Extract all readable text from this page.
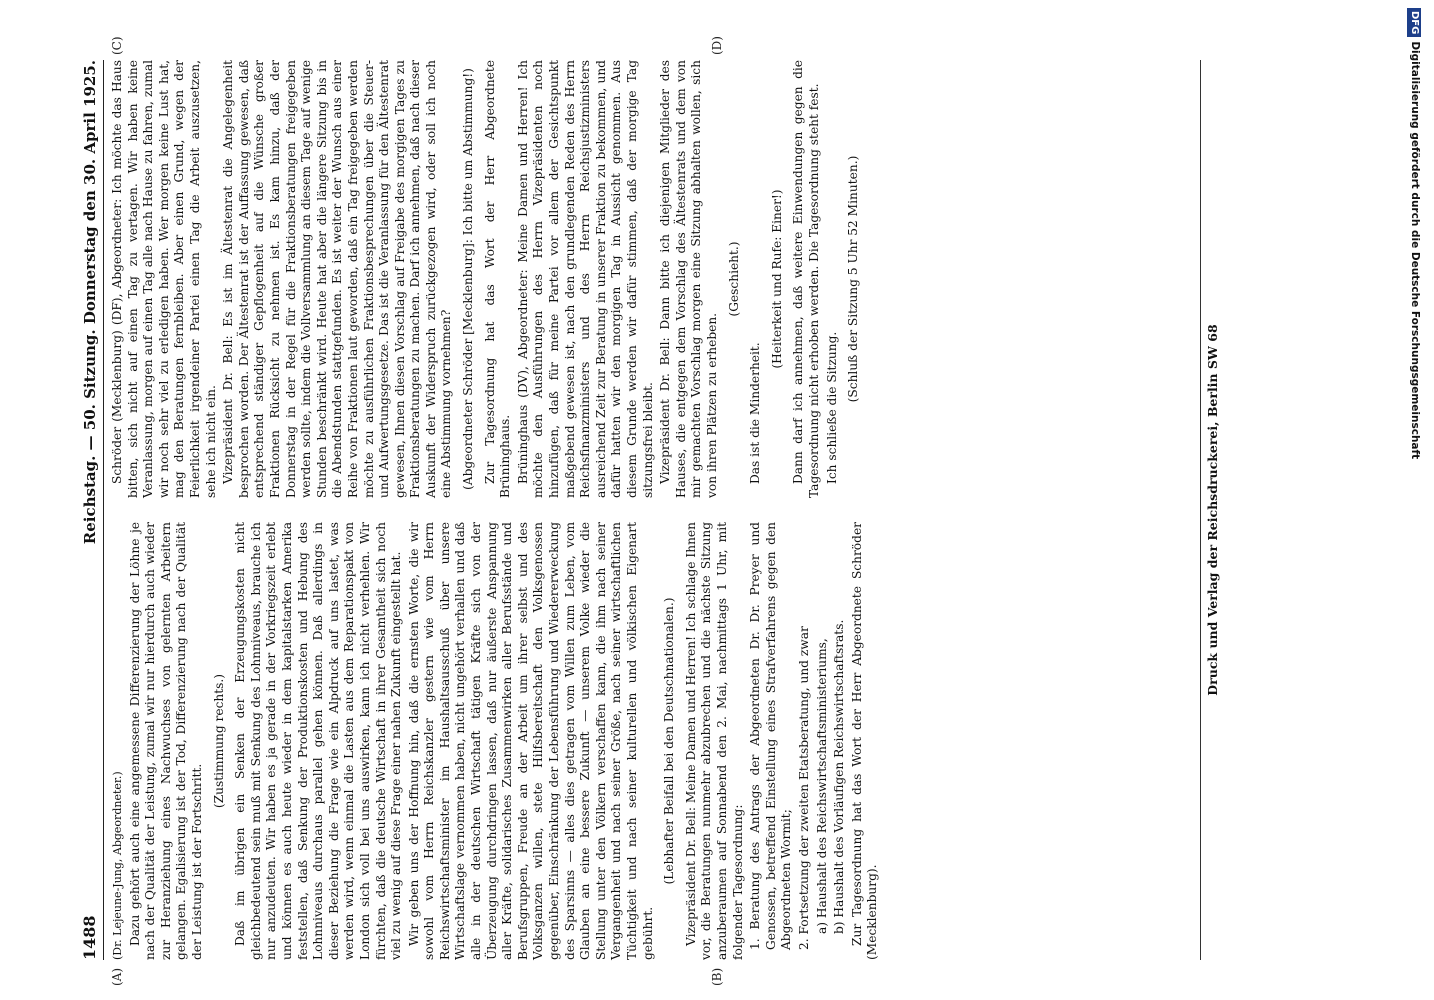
1488
Reichstag. — 50. Sitzung. Donnerstag den 30. April 1925.

(Dr. Lejeune-Jung, Abgeordneter.) Dazu gehört auch eine angemessene Differenzierung der Löhne je nach der Qualität der Leistung, zumal wir nur hierdurch auch wieder zur Heranziehung eines Nachwuchses von gelernten Arbeitern gelangen. Egalisierung ist der Tod, Differenzierung nach der Qualität der Leistung ist der Fortschritt.

(Zustimmung rechts.) Daß im übrigen ein Senken der Erzeugungskosten nicht gleichbedeutend sein muß mit Senkung des Lohnniveaus, brauche ich nur anzudeuten. Wir haben es ja gerade in der Vorkriegszeit erlebt und können es auch heute wieder in dem kapitalstarken Amerika feststellen, daß Senkung der Produktionskosten und Hebung des Lohnniveaus durchaus parallel gehen können. Daß allerdings in dieser Beziehung die Frage wie ein Alpdruck auf uns lastet, was werden wird, wenn einmal die Lasten aus dem Reparationspakt von London sich voll bei uns auswirken, kann ich nicht verhehlen. Wir fürchten, daß die deutsche Wirtschaft in ihrer Gesamtheit sich noch viel zu wenig auf diese Frage einer nahen Zukunft eingestellt hat. Wir geben uns der Hoffnung hin, daß die ernsten Worte, die wir sowohl vom Herrn Reichskanzler gestern wie vom Herrn Reichswirtschaftsminister im Haushaltsausschuß über unsere Wirtschaftslage vernommen haben, nicht ungehört verhallen und daß alle in der deutschen Wirtschaft tätigen Kräfte sich von der Überzeugung durchdringen lassen, daß nur äußerste Anspannung aller Kräfte, solidarisches Zusammenwirken aller Berufsstände und Berufsgruppen, Freude an der Arbeit um ihrer selbst und des Volksganzen willen, stete Hilfsbereitschaft den Volksgenossen gegenüber, Einschränkung der Lebensführung und Wiedererweckung des Sparsinns — alles dies getragen vom Willen zum Leben, vom Glauben an eine bessere Zukunft — unserem Volke wieder die Stellung unter den Völkern verschaffen kann, die ihm nach seiner Vergangenheit und nach seiner Größe, nach seiner wirtschaftlichen Tüchtigkeit und nach seiner kulturellen und völkischen Eigenart gebührt.

(Lebhafter Beifall bei den Deutschnationalen.) Vizepräsident Dr. Bell: Meine Damen und Herren! Ich schlage Ihnen vor, die Beratungen nunmehr abzubrechen und die nächste Sitzung anzuberaumen auf Sonnabend den 2. Mai, nachmittags 1 Uhr, mit folgender Tagesordnung: 1. Beratung des Antrags der Abgeordneten Dr. Dr. Preyer und Genossen, betreffend Einstellung eines Strafverfahrens gegen den Abgeordneten Wormit; 2. Fortsetzung der zweiten Etatsberatung, und zwar a) Haushalt des Reichswirtschaftsministeriums, b) Haushalt des Vorläufigen Reichswirtschaftsrats. Zur Tagesordnung hat das Wort der Herr Abgeordnete Schröder (Mecklenburg).

Schröder (Mecklenburg) (DF), Abgeordneter: Ich möchte das Haus bitten, sich nicht auf einen Tag zu vertagen. Wir haben keine Veranlassung, morgen auf einen Tag alle nach Hause zu fahren, zumal wir noch sehr viel zu erledigen haben. Wer morgen keine Lust hat, mag den Beratungen fernbleiben. Aber einen Grund, wegen der Feierlichkeit irgendeiner Partei einen Tag die Arbeit auszusetzen, sehe ich nicht ein. Vizepräsident Dr. Bell: Es ist im Ältestenrat die Angelegenheit besprochen worden. Der Ältestenrat ist der Auffassung gewesen, daß entsprechend ständiger Gepflogenheit auf die Wünsche großer Fraktionen Rücksicht zu nehmen ist. Es kam hinzu, daß der Donnerstag in der Regel für die Fraktionsberatungen freigegeben werden sollte, indem die Vollversammlung an diesem Tage auf wenige Stunden beschränkt wird. Heute hat aber die längere Sitzung bis in die Abendstunden stattgefunden. Es ist weiter der Wunsch aus einer Reihe von Fraktionen laut geworden, daß ein Tag freigegeben werden möchte zu ausführlichen Fraktionsbesprechungen über die Steuer- und Aufwertungsgesetze. Das ist die Veranlassung für den Ältestenrat gewesen, Ihnen diesen Vorschlag auf Freigabe des morgigen Tages zu Fraktionsberatungen zu machen. Darf ich annehmen, daß nach dieser Auskunft der Widerspruch zurückgezogen wird, oder soll ich noch eine Abstimmung vornehmen? (Abgeordneter Schröder [Mecklenburg]: Ich bitte um Abstimmung!) Zur Tagesordnung hat das Wort der Herr Abgeordnete Brüninghaus. Brüninghaus (DV), Abgeordneter: Meine Damen und Herren! Ich möchte den Ausführungen des Herrn Vizepräsidenten noch hinzufügen, daß für meine Partei vor allem der Gesichtspunkt maßgebend gewesen ist, nach den grundlegenden Reden des Herrn Reichsfinanzministers und des Herrn Reichsjustizministers ausreichend Zeit zur Beratung in unserer Fraktion zu bekommen, und dafür hatten wir den morgigen Tag in Aussicht genommen. Aus diesem Grunde werden wir dafür stimmen, daß der morgige Tag sitzungsfrei bleibt. Vizepräsident Dr. Bell: Dann bitte ich diejenigen Mitglieder des Hauses, die entgegen dem Vorschlag des Ältestenrats und dem von mir gemachten Vorschlag morgen eine Sitzung abhalten wollen, sich von ihren Plätzen zu erheben.

(Geschieht.)

Das ist die Minderheit.

(Heiterkeit und Rufe: Einer!) Dann darf ich annehmen, daß weitere Einwendungen gegen die Tagesordnung nicht erhoben werden. Die Tagesordnung steht fest. Ich schließe die Sitzung.

(Schluß der Sitzung 5 Uhr 52 Minuten.)

(A)	(B)
(C)	(D)
Druck und Verlag der Reichsdruckerei, Berlin SW 68
DFGDigitalisierung gefördert durch die Deutsche Forschungsgemeinschaft
